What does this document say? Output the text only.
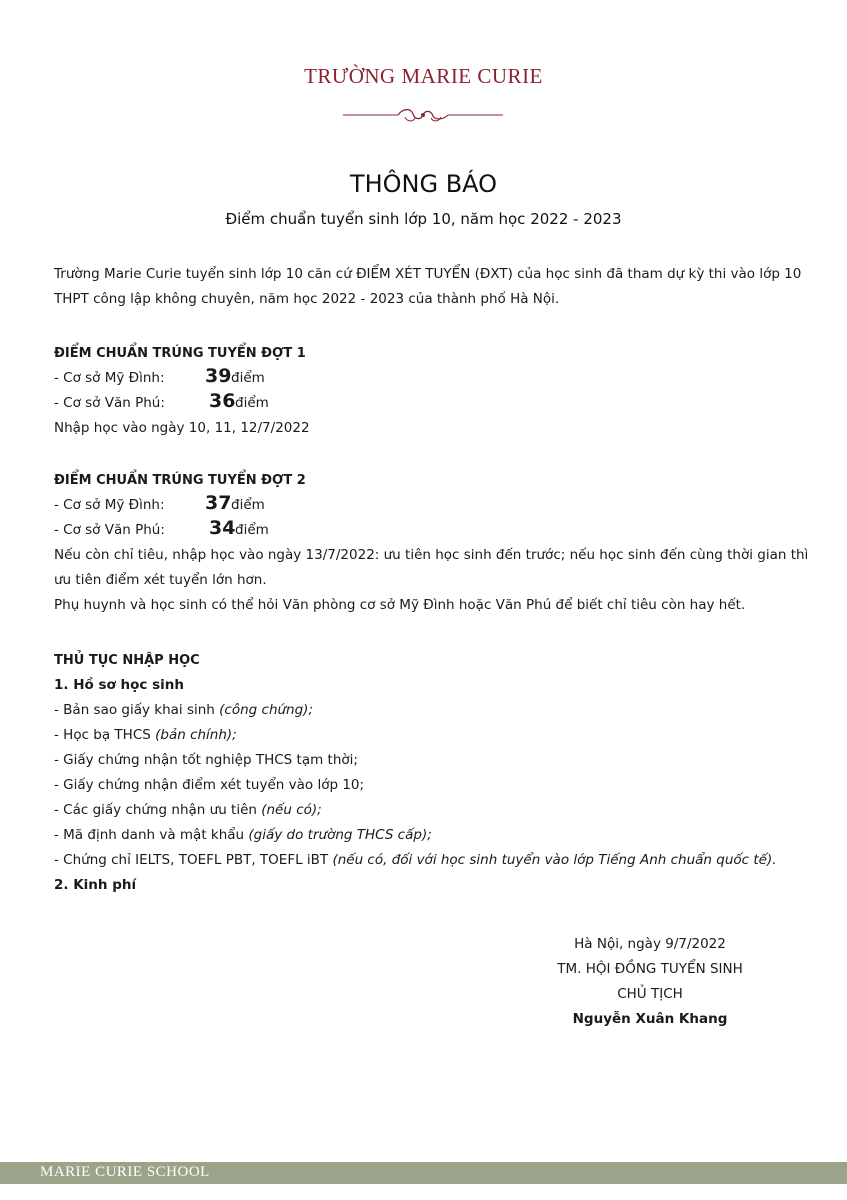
TRƯỜNG MARIE CURIE
THÔNG BÁO
Điểm chuẩn tuyển sinh lớp 10, năm học 2022 - 2023
Trường Marie Curie tuyển sinh lớp 10 căn cứ ĐIỂM XÉT TUYỂN (ĐXT) của học sinh đã tham dự kỳ thi vào lớp 10 THPT công lập không chuyên, năm học 2022 - 2023 của thành phố Hà Nội.
ĐIỂM CHUẨN TRÚNG TUYỂN ĐỢT 1
- Cơ sở Mỹ Đình: 39 điểm
- Cơ sở Văn Phú: 36 điểm
Nhập học vào ngày 10, 11, 12/7/2022
ĐIỂM CHUẨN TRÚNG TUYỂN ĐỢT 2
- Cơ sở Mỹ Đình: 37 điểm
- Cơ sở Văn Phú: 34 điểm
Nếu còn chỉ tiêu, nhập học vào ngày 13/7/2022: ưu tiên học sinh đến trước; nếu học sinh đến cùng thời gian thì ưu tiên điểm xét tuyển lớn hơn.
Phụ huynh và học sinh có thể hỏi Văn phòng cơ sở Mỹ Đình hoặc Văn Phú để biết chỉ tiêu còn hay hết.
THỦ TỤC NHẬP HỌC
1. Hồ sơ học sinh
- Bản sao giấy khai sinh (công chứng);
- Học bạ THCS (bản chính);
- Giấy chứng nhận tốt nghiệp THCS tạm thời;
- Giấy chứng nhận điểm xét tuyển vào lớp 10;
- Các giấy chứng nhận ưu tiên (nếu có);
- Mã định danh và mật khẩu (giấy do trường THCS cấp);
- Chứng chỉ IELTS, TOEFL PBT, TOEFL iBT (nếu có, đối với học sinh tuyển vào lớp Tiếng Anh chuẩn quốc tế).
2. Kinh phí
Hà Nội, ngày 9/7/2022
TM. HỘI ĐỒNG TUYỂN SINH
CHỦ TỊCH
Nguyễn Xuân Khang
MARIE CURIE SCHOOL
